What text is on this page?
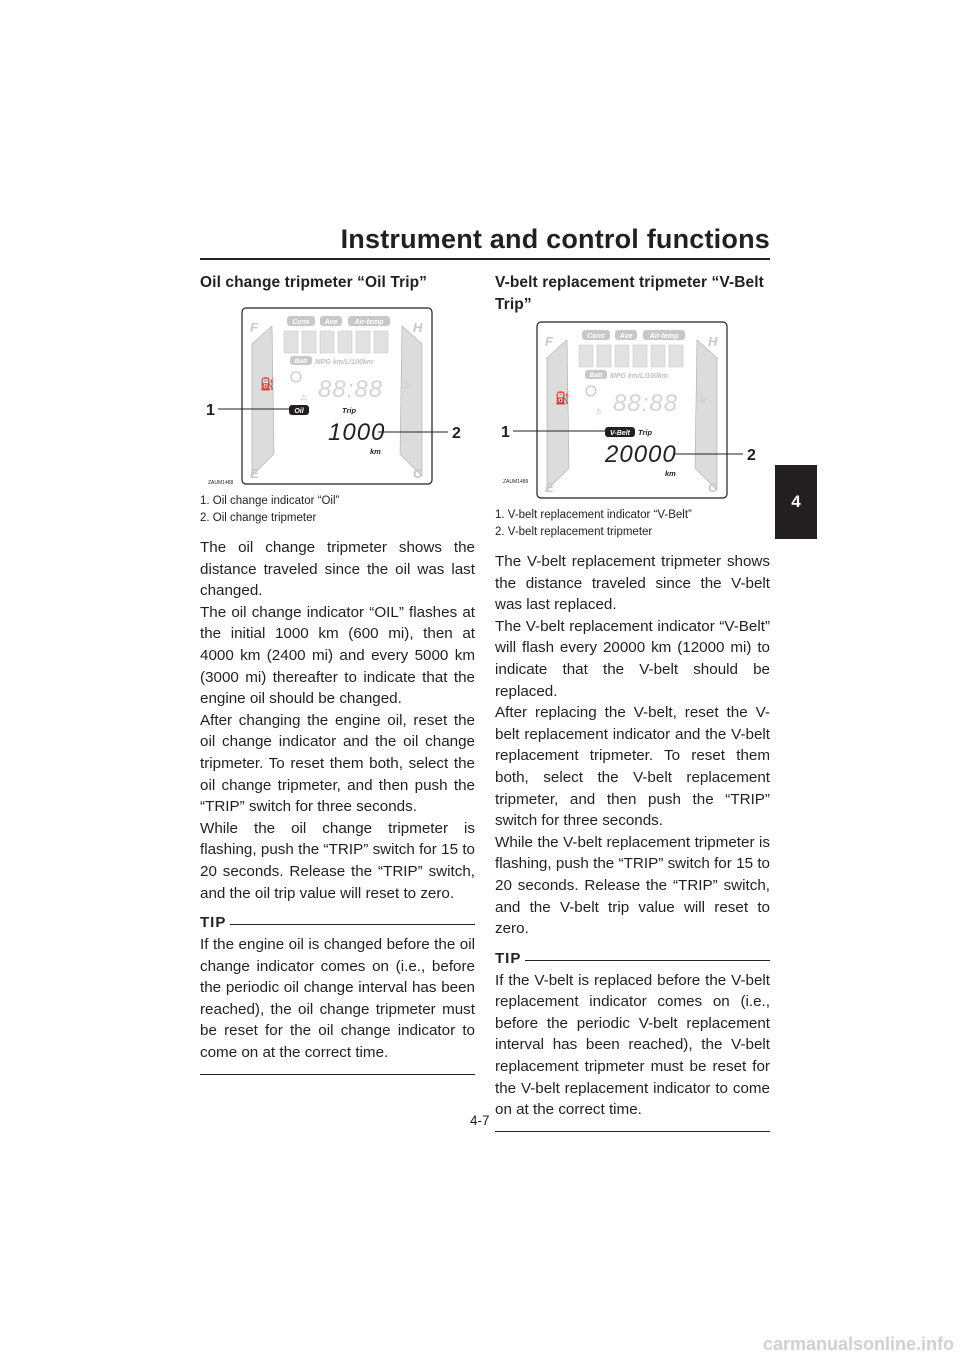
Instrument and control functions
4
Oil change tripmeter “Oil Trip”
F
E
H
C
Cons Ave Air-temp
Batt MPG km/L/100km
⚠ 88:88
⛽	♨
Oil	Trip
1000
km
1
2
ZAUM1488
1. Oil change indicator “Oil”
2. Oil change tripmeter

The oil change tripmeter shows the distance traveled since the oil was last changed.

The oil change indicator “OIL” flashes at the initial 1000 km (600 mi), then at 4000 km (2400 mi) and every 5000 km (3000 mi) thereafter to indicate that the engine oil should be changed.

After changing the engine oil, reset the oil change indicator and the oil change tripmeter. To reset them both, select the oil change tripmeter, and then push the “TRIP” switch for three seconds.

While the oil change tripmeter is flashing, push the “TRIP” switch for 15 to 20 seconds. Release the “TRIP” switch, and the oil trip value will reset to zero.

TIP
If the engine oil is changed before the oil change indicator comes on (i.e., before the periodic oil change interval has been reached), the oil change tripmeter must be reset for the oil change indicator to come on at the correct time.
V-belt replacement tripmeter “V-Belt Trip”
F
E
H
C
Cons Ave Air-temp
Batt MPG km/L/100km
⚠ 88:88
⛽	♨
V-Belt Trip
20000
km
1
2
ZAUM1489
1. V-belt replacement indicator “V-Belt”
2. V-belt replacement tripmeter

The V-belt replacement tripmeter shows the distance traveled since the V-belt was last replaced.

The V-belt replacement indicator “V-Belt” will flash every 20000 km (12000 mi) to indicate that the V-belt should be replaced.

After replacing the V-belt, reset the V-belt replacement indicator and the V-belt replacement tripmeter. To reset them both, select the V-belt replacement tripmeter, and then push the “TRIP” switch for three seconds.

While the V-belt replacement tripmeter is flashing, push the “TRIP” switch for 15 to 20 seconds. Release the “TRIP” switch, and the V-belt trip value will reset to zero.

TIP
If the V-belt is replaced before the V-belt replacement indicator comes on (i.e., before the periodic V-belt replacement interval has been reached), the V-belt replacement tripmeter must be reset for the V-belt replacement indicator to come on at the correct time.
4-7
carmanualsonline.info
